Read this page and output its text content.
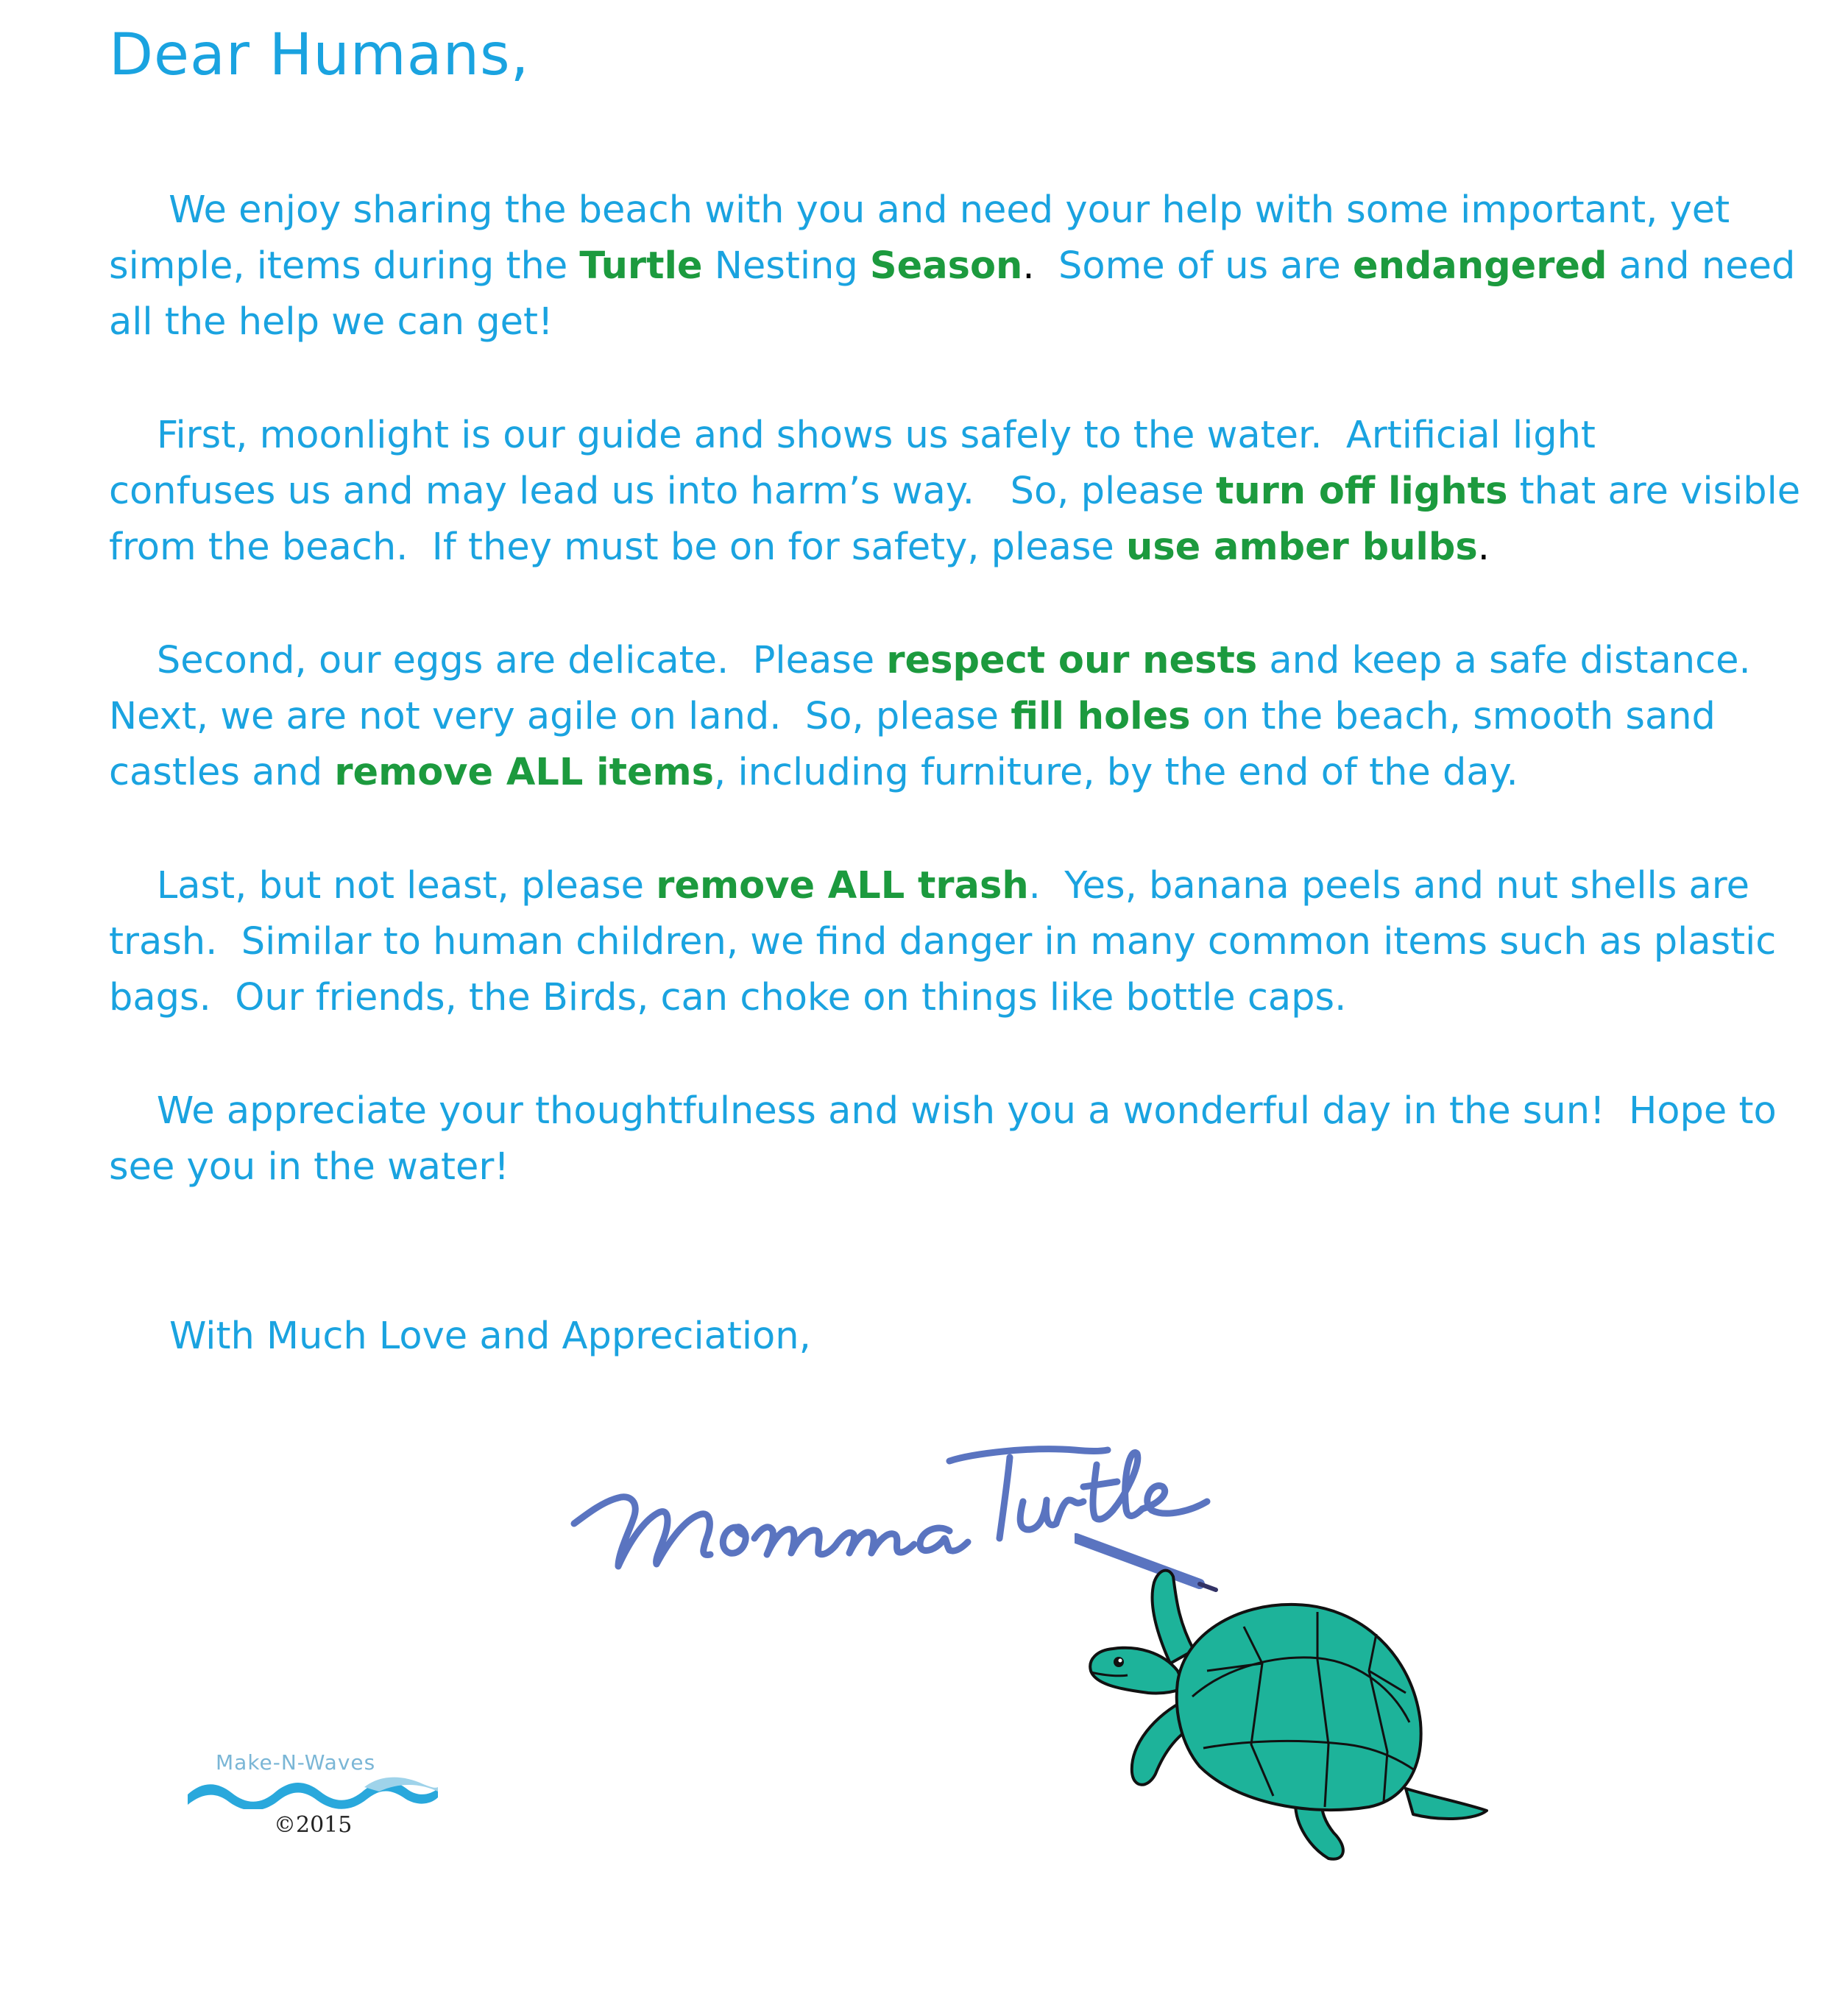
Dear Humans,

We enjoy sharing the beach with you and need your help with some important, yet
simple, items during the Turtle Nesting Season.  Some of us are endangered and need
all the help we can get!

First, moonlight is our guide and shows us safely to the water.  Artificial light
confuses us and may lead us into harm’s way.   So, please turn off lights that are visible
from the beach.  If they must be on for safety, please use amber bulbs.

Second, our eggs are delicate.  Please respect our nests and keep a safe distance.
Next, we are not very agile on land.  So, please fill holes on the beach, smooth sand
castles and remove ALL items, including furniture, by the end of the day.

Last, but not least, please remove ALL trash.  Yes, banana peels and nut shells are
trash.  Similar to human children, we find danger in many common items such as plastic
bags.  Our friends, the Birds, can choke on things like bottle caps.

We appreciate your thoughtfulness and wish you a wonderful day in the sun!  Hope to
see you in the water!

With Much Love and Appreciation,

Make-N-Waves

©2015
